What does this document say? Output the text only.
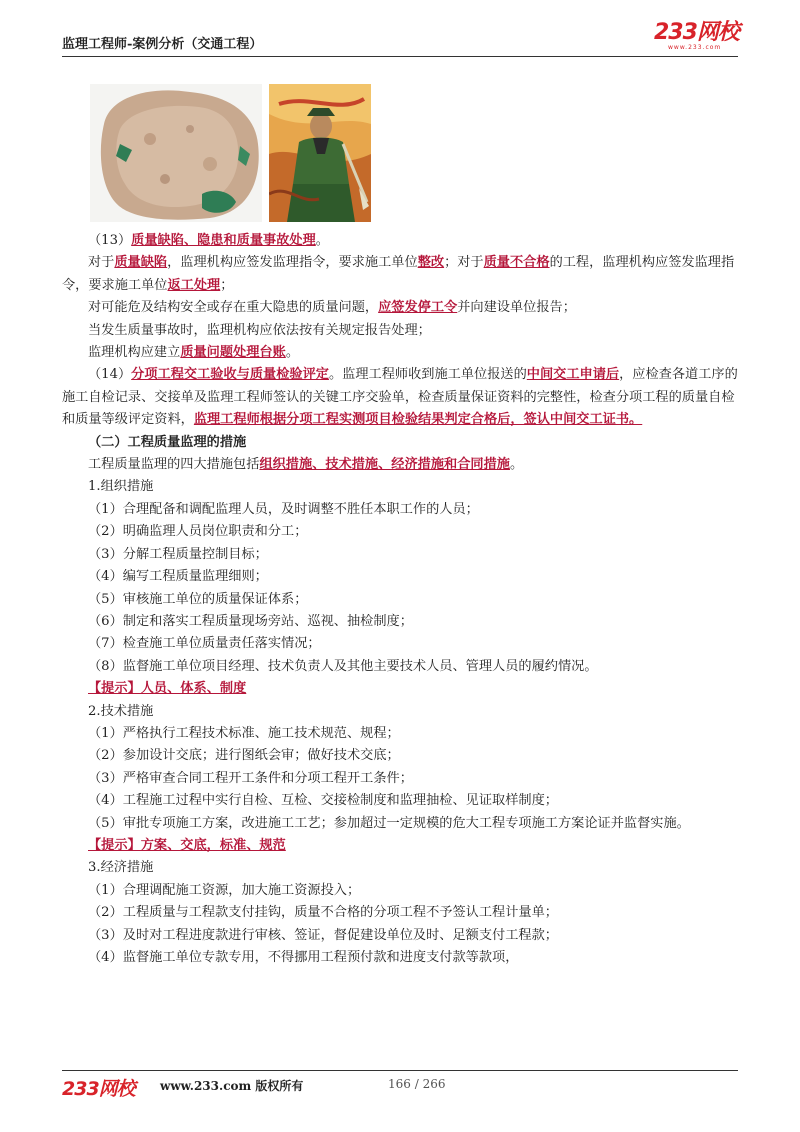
监理工程师-案例分析（交通工程）	233网校
www.233.com

（13）质量缺陷、隐患和质量事故处理。

对于质量缺陷，监理机构应签发监理指令，要求施工单位整改；对于质量不合格的工程，监理机构应签发监理指令，要求施工单位返工处理；

对可能危及结构安全或存在重大隐患的质量问题，应签发停工令并向建设单位报告；

当发生质量事故时，监理机构应依法按有关规定报告处理；

监理机构应建立质量问题处理台账。

（14）分项工程交工验收与质量检验评定。监理工程师收到施工单位报送的中间交工申请后，应检查各道工序的施工自检记录、交接单及监理工程师签认的关键工序交验单，检查质量保证资料的完整性，检查分项工程的质量自检和质量等级评定资料，监理工程师根据分项工程实测项目检验结果判定合格后，签认中间交工证书。

（二）工程质量监理的措施

工程质量监理的四大措施包括组织措施、技术措施、经济措施和合同措施。

1.组织措施

（1）合理配备和调配监理人员，及时调整不胜任本职工作的人员；

（2）明确监理人员岗位职责和分工；

（3）分解工程质量控制目标；

（4）编写工程质量监理细则；

（5）审核施工单位的质量保证体系；

（6）制定和落实工程质量现场旁站、巡视、抽检制度；

（7）检查施工单位质量责任落实情况；

（8）监督施工单位项目经理、技术负责人及其他主要技术人员、管理人员的履约情况。

【提示】人员、体系、制度

2.技术措施

（1）严格执行工程技术标准、施工技术规范、规程；

（2）参加设计交底；进行图纸会审；做好技术交底；

（3）严格审查合同工程开工条件和分项工程开工条件；

（4）工程施工过程中实行自检、互检、交接检制度和监理抽检、见证取样制度；

（5）审批专项施工方案，改进施工工艺；参加超过一定规模的危大工程专项施工方案论证并监督实施。

【提示】方案、交底，标准、规范

3.经济措施

（1）合理调配施工资源，加大施工资源投入；

（2）工程质量与工程款支付挂钩，质量不合格的分项工程不予签认工程计量单；

（3）及时对工程进度款进行审核、签证，督促建设单位及时、足额支付工程款；

（4）监督施工单位专款专用，不得挪用工程预付款和进度支付款等款项，

233网校 www.233.com 版权所有	166 / 266
